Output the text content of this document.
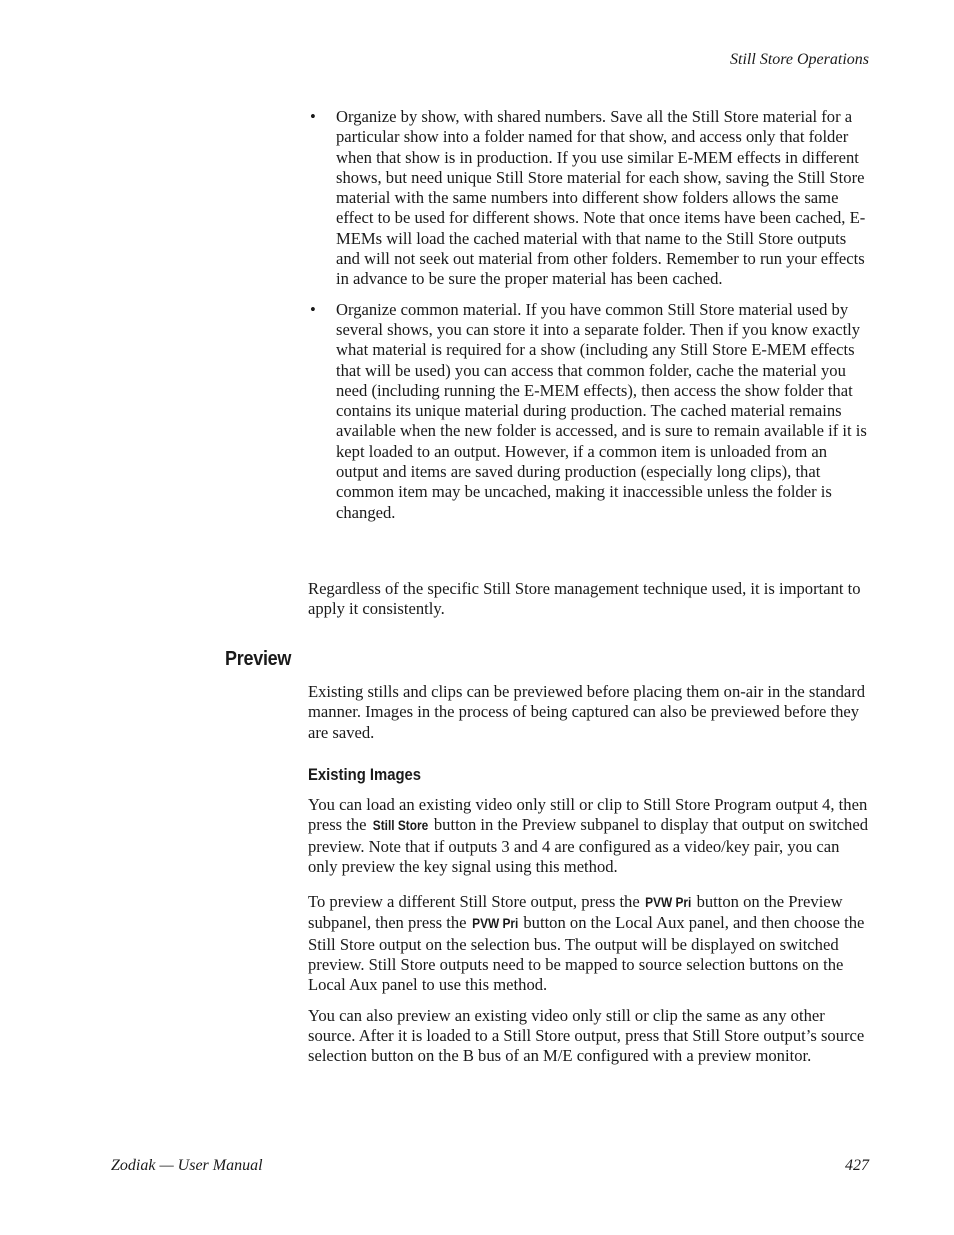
Still Store Operations
• Organize by show, with shared numbers. Save all the Still Store material for a particular show into a folder named for that show, and access only that folder when that show is in production. If you use similar E-MEM effects in different shows, but need unique Still Store material for each show, saving the Still Store material with the same numbers into different show folders allows the same effect to be used for different shows. Note that once items have been cached, E-MEMs will load the cached material with that name to the Still Store outputs and will not seek out material from other folders. Remember to run your effects in advance to be sure the proper material has been cached.
• Organize common material. If you have common Still Store material used by several shows, you can store it into a separate folder. Then if you know exactly what material is required for a show (including any Still Store E-MEM effects that will be used) you can access that common folder, cache the material you need (including running the E-MEM effects), then access the show folder that contains its unique material during production. The cached material remains available when the new folder is accessed, and is sure to remain available if it is kept loaded to an output. However, if a common item is unloaded from an output and items are saved during production (especially long clips), that common item may be uncached, making it inaccessible unless the folder is changed.

Regardless of the specific Still Store management technique used, it is important to apply it consistently.

Preview

Existing stills and clips can be previewed before placing them on-air in the standard manner. Images in the process of being captured can also be previewed before they are saved.

Existing Images

You can load an existing video only still or clip to Still Store Program output 4, then press the Still Store button in the Preview subpanel to display that output on switched preview. Note that if outputs 3 and 4 are configured as a video/key pair, you can only preview the key signal using this method.

To preview a different Still Store output, press the PVW Pri button on the Preview subpanel, then press the PVW Pri button on the Local Aux panel, and then choose the Still Store output on the selection bus. The output will be displayed on switched preview. Still Store outputs need to be mapped to source selection buttons on the Local Aux panel to use this method.

You can also preview an existing video only still or clip the same as any other source. After it is loaded to a Still Store output, press that Still Store output’s source selection button on the B bus of an M/E configured with a preview monitor.

Zodiak — User Manual	427
